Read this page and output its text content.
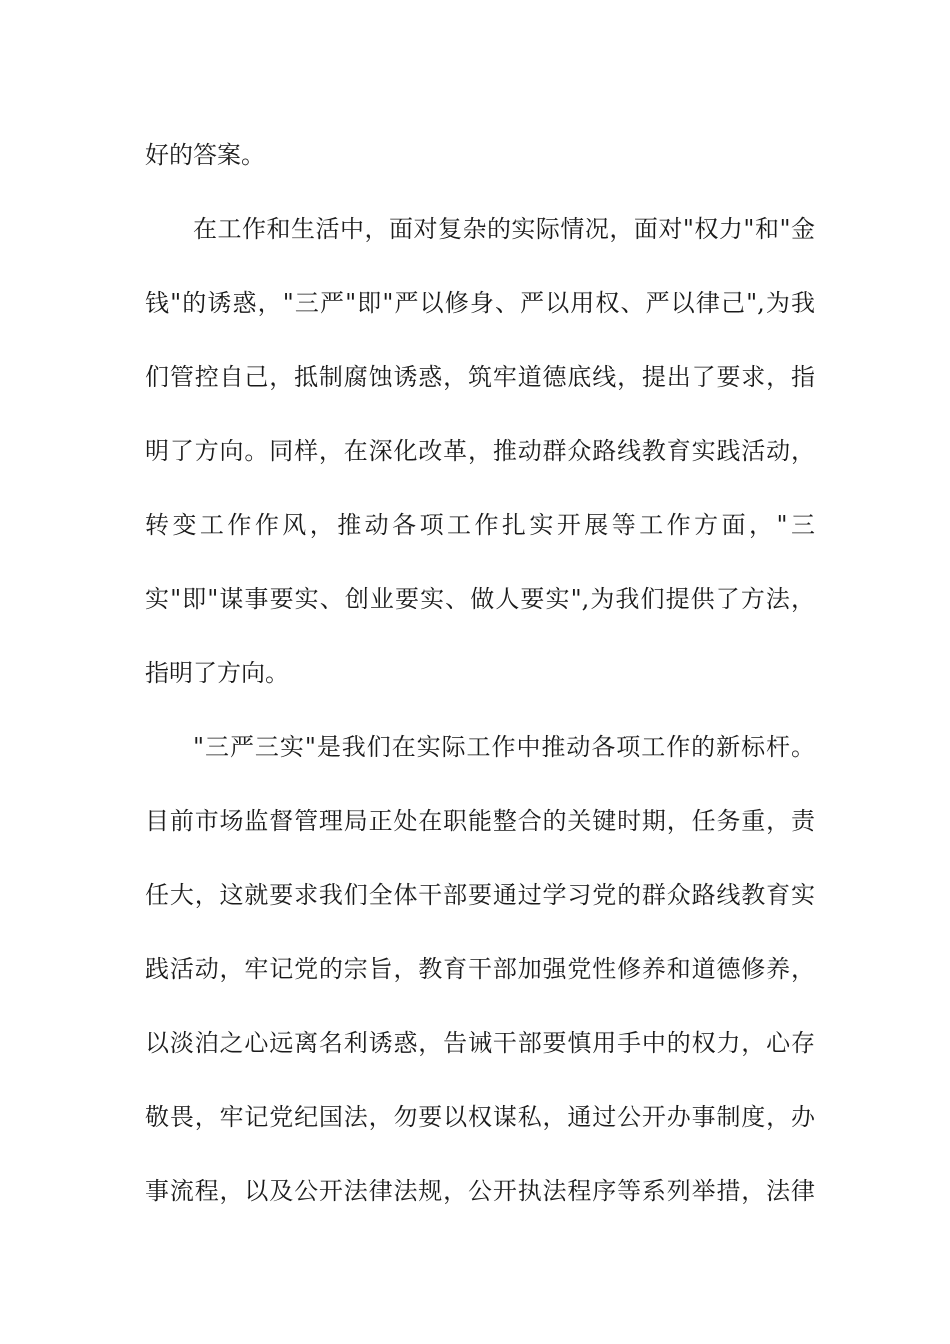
好的答案。
在工作和生活中，面对复杂的实际情况，面对"权力"和"金
钱"的诱惑，"三严"即"严以修身、严以用权、严以律己",为我
们管控自己，抵制腐蚀诱惑，筑牢道德底线，提出了要求，指
明了方向。同样，在深化改革，推动群众路线教育实践活动，
转变工作作风，推动各项工作扎实开展等工作方面，"三
实"即"谋事要实、创业要实、做人要实",为我们提供了方法，
指明了方向。
"三严三实"是我们在实际工作中推动各项工作的新标杆。
目前市场监督管理局正处在职能整合的关键时期，任务重，责
任大，这就要求我们全体干部要通过学习党的群众路线教育实
践活动，牢记党的宗旨，教育干部加强党性修养和道德修养，
以淡泊之心远离名利诱惑，告诫干部要慎用手中的权力，心存
敬畏，牢记党纪国法，勿要以权谋私，通过公开办事制度，办
事流程，以及公开法律法规，公开执法程序等系列举措，法律
